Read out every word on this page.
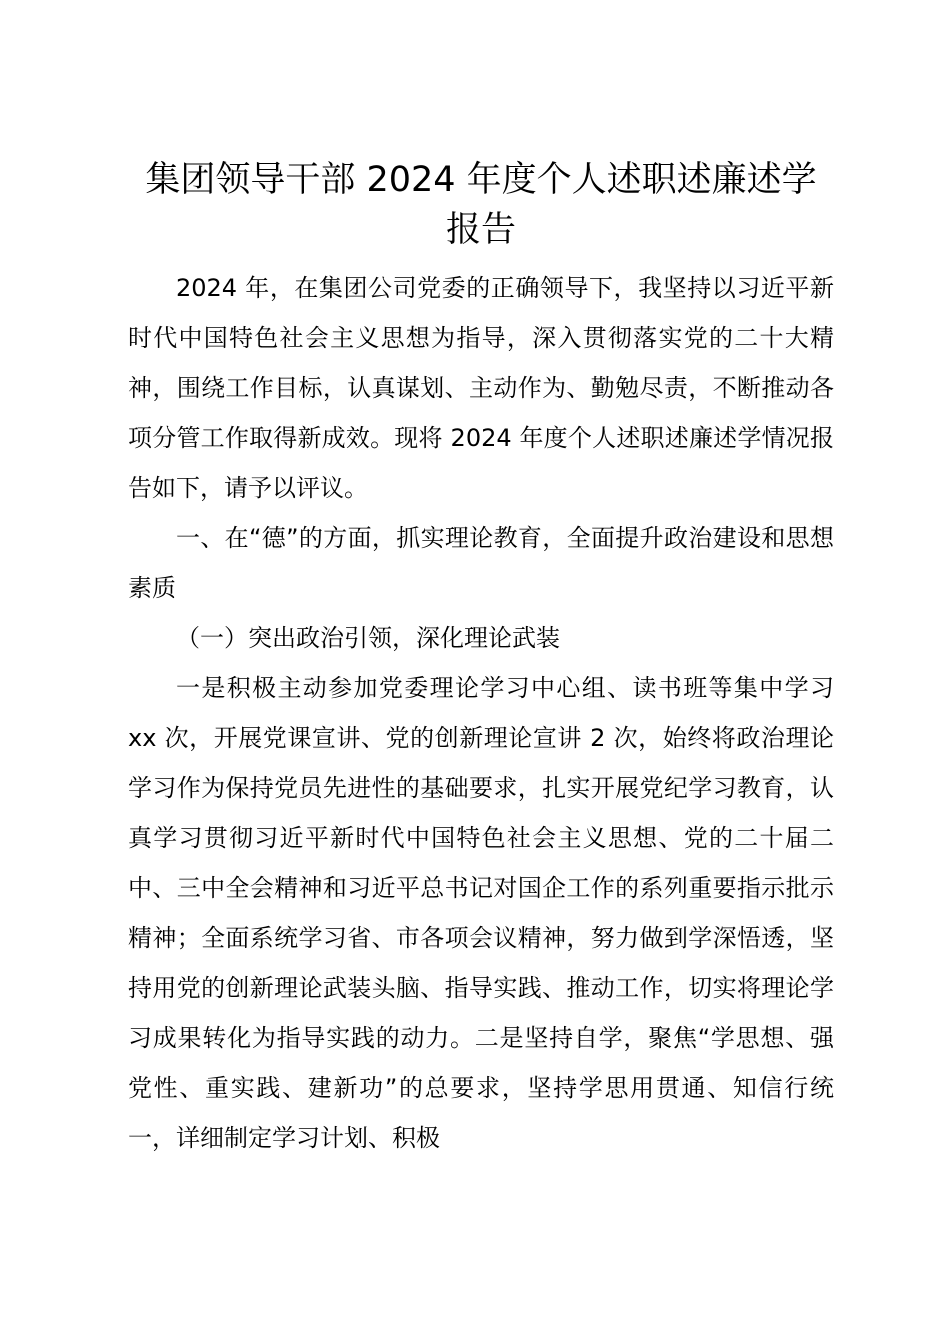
集团领导干部 2024 年度个人述职述廉述学报告

2024 年，在集团公司党委的正确领导下，我坚持以习近平新时代中国特色社会主义思想为指导，深入贯彻落实党的二十大精神，围绕工作目标，认真谋划、主动作为、勤勉尽责，不断推动各项分管工作取得新成效。现将 2024 年度个人述职述廉述学情况报告如下，请予以评议。

一、在“德”的方面，抓实理论教育，全面提升政治建设和思想素质

（一）突出政治引领，深化理论武装

一是积极主动参加党委理论学习中心组、读书班等集中学习 xx 次，开展党课宣讲、党的创新理论宣讲 2 次，始终将政治理论学习作为保持党员先进性的基础要求，扎实开展党纪学习教育，认真学习贯彻习近平新时代中国特色社会主义思想、党的二十届二中、三中全会精神和习近平总书记对国企工作的系列重要指示批示精神；全面系统学习省、市各项会议精神，努力做到学深悟透，坚持用党的创新理论武装头脑、指导实践、推动工作，切实将理论学习成果转化为指导实践的动力。二是坚持自学，聚焦“学思想、强党性、重实践、建新功”的总要求，坚持学思用贯通、知信行统一，详细制定学习计划、积极
